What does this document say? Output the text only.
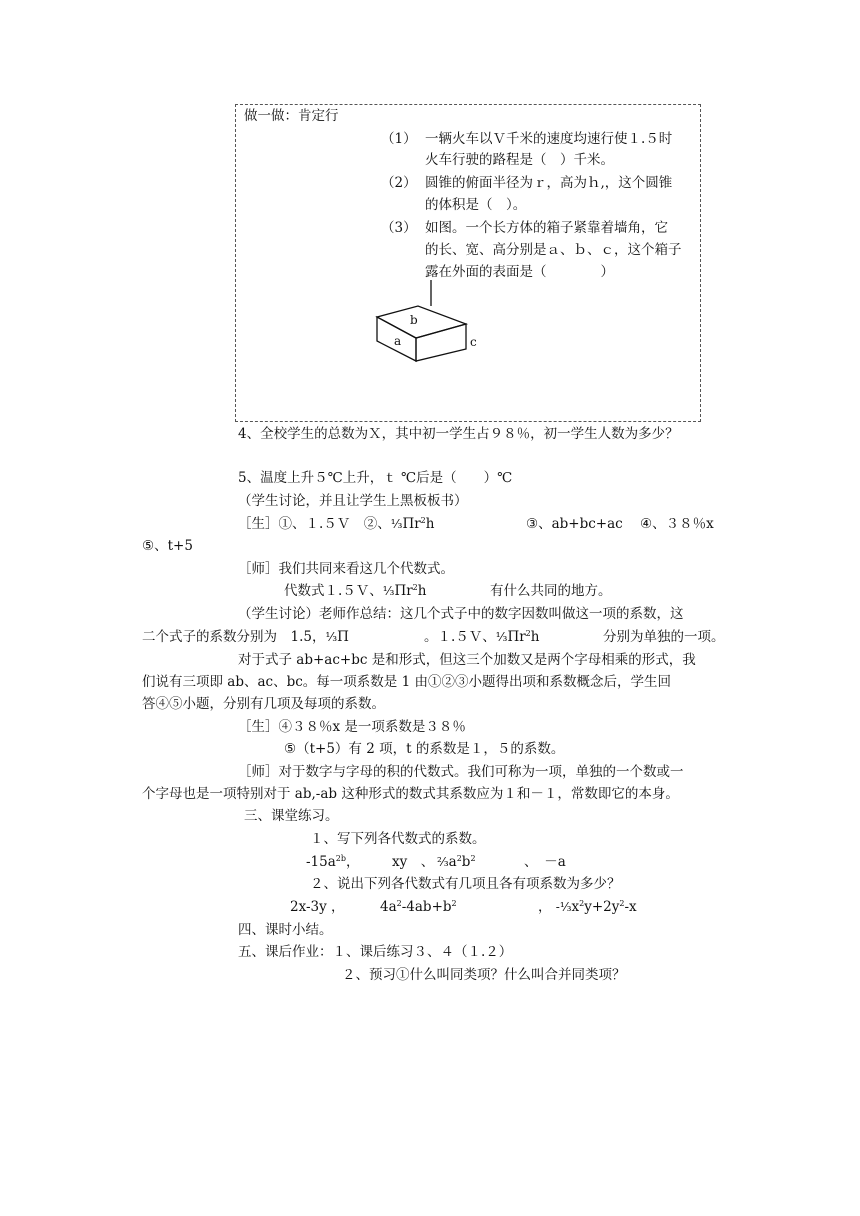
做一做：肯定行
（1） 一辆火车以Ｖ千米的速度均速行使１.５时
火车行驶的路程是（　）千米。
（2） 圆锥的俯面半径为ｒ，高为ｈ,，这个圆锥
的体积是（　）。
（3） 如图。一个长方体的箱子紧靠着墙角，它
的长、宽、高分别是ａ、ｂ、ｃ，这个箱子
露在外面的表面是（　　　　）
b
a	c
4、全校学生的总数为Ｘ，其中初一学生占９８％，初一学生人数为多少？
5、温度上升５℃上升，ｔ ℃后是（　　）℃
（学生讨论，并且让学生上黑板板书）
［生］①、１.５Ｖ　②、$\frac{1}{3}\Pi r^2h$	③、ab+bc+ac ④、３８％x
⑤、t+5
［师］我们共同来看这几个代数式。
代数式１.５Ｖ、$\frac{1}{3}\Pi r^2h$	有什么共同的地方。
（学生讨论）老师作总结：这几个式子中的数字因数叫做这一项的系数，这
二个式子的系数分别为　1.5，⅓Π	。１.５Ｖ、$\frac{1}{3}\Pi r^2h$	分别为单独的一项。
对于式子 ab+ac+bc 是和形式，但这三个加数又是两个字母相乘的形式，我
们说有三项即 ab、ac、bc。每一项系数是 1 由①②③小题得出项和系数概念后，学生回
答④⑤小题，分别有几项及每项的系数。
［生］④３８％x 是一项系数是３８％
⑤（t+5）有 2 项，t 的系数是１，５的系数。
［师］对于数字与字母的积的代数式。我们可称为一项，单独的一个数或一
个字母也是一项特别对于 ab,-ab 这种形式的数式其系数应为１和－１，常数即它的本身。
三、课堂练习。
１、写下列各代数式的系数。
$-15a^{2b}$， xy　、 $\frac{2}{3}a^2b^2$	、　－a
２、说出下列各代数式有几项且各有项系数为多少？
2x-3y ，	$4a^2-4ab+b^2$	， $-\frac{1}{3}x^2y+2y^2-x$
四、课时小结。
五、课后作业：１、课后练习３、４（１.２）
２、预习①什么叫同类项？什么叫合并同类项？
